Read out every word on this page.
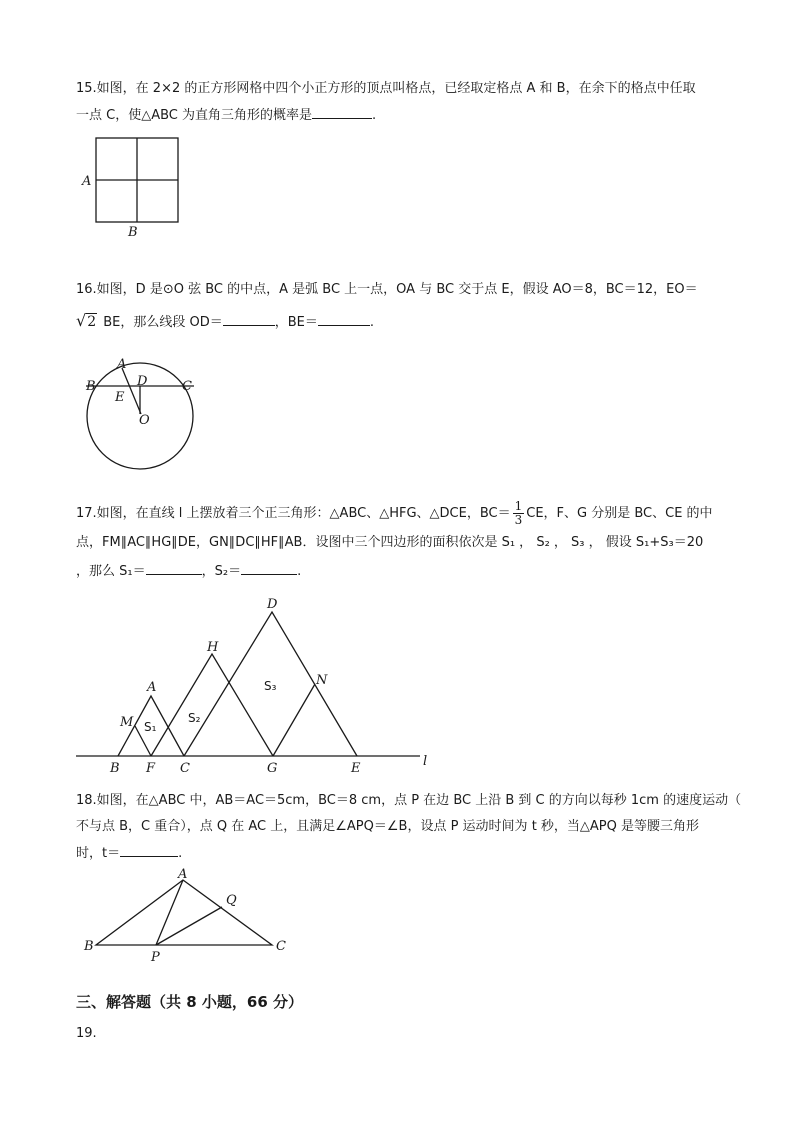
15.如图，在 2×2 的正方形网格中四个小正方形的顶点叫格点，已经取定格点 A 和 B，在余下的格点中任取
一点 C，使△ABC 为直角三角形的概率是	.
A
B
16.如图，D 是⊙O 弦 BC 的中点，A 是弧 BC 上一点，OA 与 BC 交于点 E，假设 AO＝8，BC＝12，EO＝
√2 BE，那么线段 OD＝	，BE＝	.
A
B	C
D
E
O
17.如图，在直线 l 上摆放着三个正三角形：△ABC、△HFG、△DCE，$BC= \frac{1}{3}$ CE，F、G 分别是 BC、CE 的中
点，FM∥AC∥HG∥DE，GN∥DC∥HF∥AB．设图中三个四边形的面积依次是 S₁ ， S₂ ， S₃ ， 假设 S₁+S₃＝20
，那么 S₁＝	，S₂＝	.
A
B	C
D
E
F	G
H
M
N
l
S₁
S₂
S₃
18.如图，在△ABC 中，AB＝AC＝5cm，BC＝8 cm，点 P 在边 BC 上沿 B 到 C 的方向以每秒 1cm 的速度运动（
不与点 B，C 重合），点 Q 在 AC 上，且满足∠APQ＝∠B，设点 P 运动时间为 t 秒，当△APQ 是等腰三角形
时，t＝	.
A
B	C
P
Q
三、解答题（共 8 小题，66 分）
19.
